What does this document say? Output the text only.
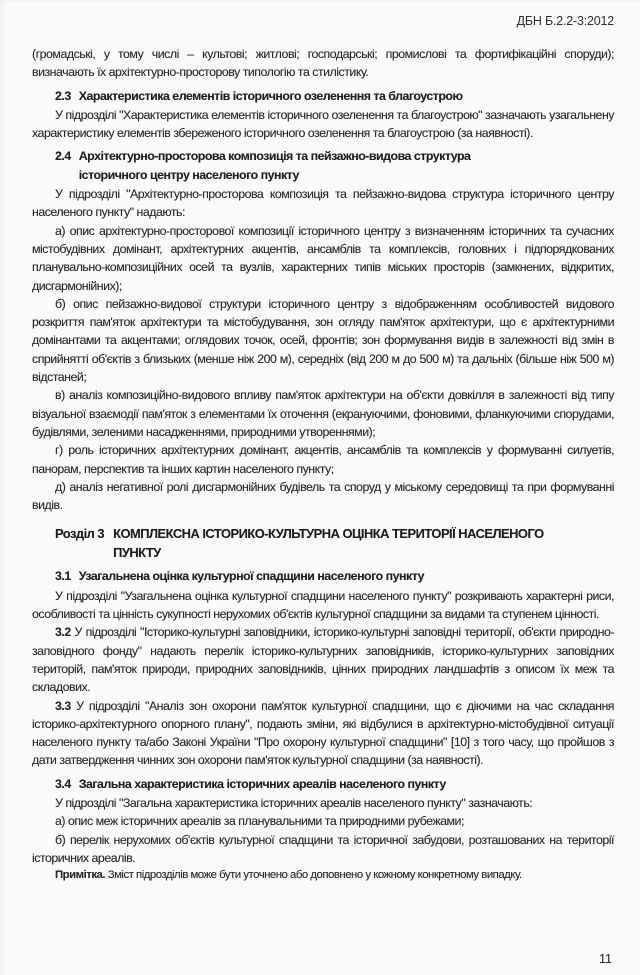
ДБН Б.2.2-3:2012

(громадські, у тому числі – культові; житлові; господарські; промислові та фортифікаційні споруди); визначають їх архітектурно-просторову типологію та стилістику.

2.3 Характеристика елементів історичного озеленення та благоустрою

У підрозділі "Характеристика елементів історичного озеленення та благоустрою" зазначають узагальнену характеристику елементів збереженого історичного озеленення та благоустрою (за наявності).

2.4 Архітектурно-просторова композиція та пейзажно-видова структура історичного центру населеного пункту

У підрозділі "Архітектурно-просторова композиція та пейзажно-видова структура історичного центру населеного пункту" надають:

а) опис архітектурно-просторової композиції історичного центру з визначенням історичних та сучасних містобудівних домінант, архітектурних акцентів, ансамблів та комплексів, головних і підпорядкованих планувально-композиційних осей та вузлів, характерних типів міських просторів (замкнених, відкритих, дисгармонійних);

б) опис пейзажно-видової структури історичного центру з відображенням особливостей видового розкриття пам'яток архітектури та містобудування, зон огляду пам'яток архітектури, що є архітектурними домінантами та акцентами; оглядових точок, осей, фронтів; зон формування видів в залежності від змін в сприйнятті об'єктів з близьких (менше ніж 200 м), середніх (від 200 м до 500 м) та дальніх (більше ніж 500 м) відстаней;

в) аналіз композиційно-видового впливу пам'яток архітектури на об'єкти довкілля в залежності від типу візуальної взаємодії пам'яток з елементами їх оточення (екрануючими, фоновими, фланкуючими спорудами, будівлями, зеленими насадженнями, природними утвореннями);

г) роль історичних архітектурних домінант, акцентів, ансамблів та комплексів у формуванні силуетів, панорам, перспектив та інших картин населеного пункту;

д) аналіз негативної ролі дисгармонійних будівель та споруд у міському середовищі та при формуванні видів.

Розділ 3 КОМПЛЕКСНА ІСТОРИКО-КУЛЬТУРНА ОЦІНКА ТЕРИТОРІЇ НАСЕЛЕНОГО ПУНКТУ
3.1 Узагальнена оцінка культурної спадщини населеного пункту

У підрозділі "Узагальнена оцінка культурної спадщини населеного пункту" розкривають характерні риси, особливості та цінність сукупності нерухомих об'єктів культурної спадщини за видами та ступенем цінності.

3.2 У підрозділі "Історико-культурні заповідники, історико-культурні заповідні території, об'єкти природно-заповідного фонду" надають перелік історико-культурних заповідників, історико-культурних заповідних територій, пам'яток природи, природних заповідників, цінних природних ландшафтів з описом їх меж та складових.

3.3 У підрозділі "Аналіз зон охорони пам'яток культурної спадщини, що є діючими на час складання історико-архітектурного опорного плану", подають зміни, які відбулися в архітектурно-містобудівної ситуації населеного пункту та/або Законі України "Про охорону культурної спадщини" [10] з того часу, що пройшов з дати затвердження чинних зон охорони пам'яток культурної спадщини (за наявності).

3.4 Загальна характеристика історичних ареалів населеного пункту

У підрозділі "Загальна характеристика історичних ареалів населеного пункту" зазначають:

а) опис меж історичних ареалів за планувальними та природними рубежами;

б) перелік нерухомих об'єктів культурної спадщини та історичної забудови, розташованих на території історичних ареалів.

Примітка. Зміст підрозділів може бути уточнено або доповнено у кожному конкретному випадку.

11
